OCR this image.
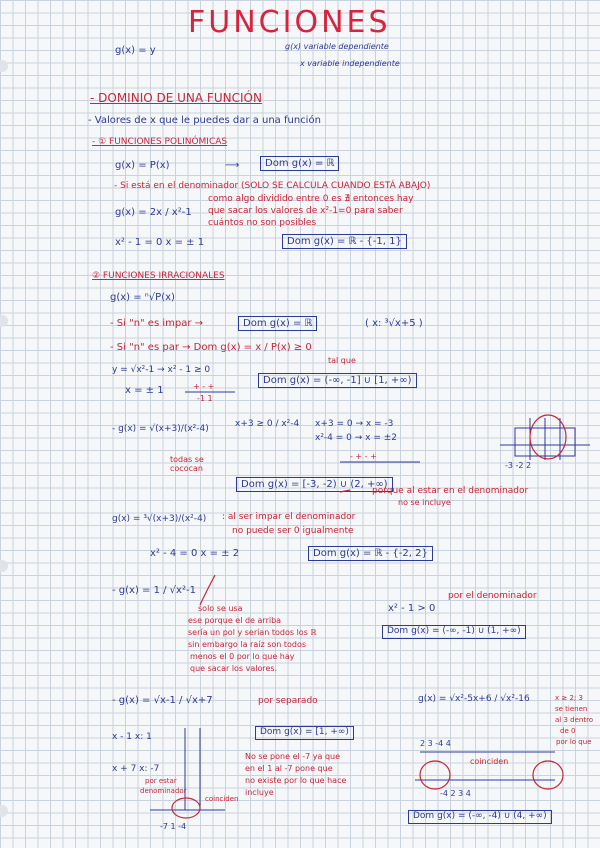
FUNCIONES
g(x) = y	g(x) variable dependiente
x variable independiente
- DOMINIO DE UNA FUNCIÓN
- Valores de x que le puedes dar a una función
- ① FUNCIONES POLINÓMICAS
g(x) = P(x)	⟶	Dom g(x) = ℝ
- Si está en el denominador (SOLO SE CALCULA CUANDO ESTÁ ABAJO)
g(x) = 2x / x²-1
como algo dividido entre 0 es ∄ entonces hay
que sacar los valores de x²-1=0 para saber
cuántos no son posibles
x² - 1 = 0 x = ± 1	Dom g(x) = ℝ - {-1, 1}
② FUNCIONES IRRACIONALES
g(x) = ⁿ√P(x)
- Si "n" es impar →	Dom g(x) = ℝ	( x: ³√x+5 )
- Si "n" es par → Dom g(x) = x / P(x) ≥ 0
tal que
y = √x²-1 → x² - 1 ≥ 0
x = ± 1	+ - +
-1 1
Dom g(x) = (-∞, -1] ∪ [1, +∞)
- g(x) = √(x+3)/(x²-4)	x+3 ≥ 0 / x²-4 x+3 = 0 → x = -3
x²-4 = 0 → x = ±2
- + - +
todas se cococan
Dom g(x) = [-3, -2) ∪ (2, +∞)
porque al estar en el denominador
no se incluye
-3 -2 2
g(x) = ³√(x+3)/(x²-4) : al ser impar el denominador
no puede ser 0 igualmente
x² - 4 = 0 x = ± 2	Dom g(x) = ℝ - {-2, 2}
- g(x) = 1 / √x²-1
solo se usa
ese porque el de arriba
sería un pol y serían todos los ℝ
sin embargo la raíz son todos
menos el 0 por lo que hay
que sacar los valores.
x² - 1 > 0
por el denominador
Dom g(x) = (-∞, -1) ∪ (1, +∞)
- g(x) = √x-1 / √x+7	por separado
Dom g(x) = [1, +∞)
x - 1 x: 1
x + 7 x: -7
No se pone el -7 ya que
en el 1 al -7 pone que
no existe por lo que hace
incluye
por estar
denominador
coinciden
-7 1 -4
g(x) = √x²-5x+6 / √x²-16	x ≥ 2; 3
se tienen
al 3 dentro
de 0
por lo que
2 3 -4 4
coinciden
-4 2 3 4
Dom g(x) = (-∞, -4) ∪ (4, +∞)
